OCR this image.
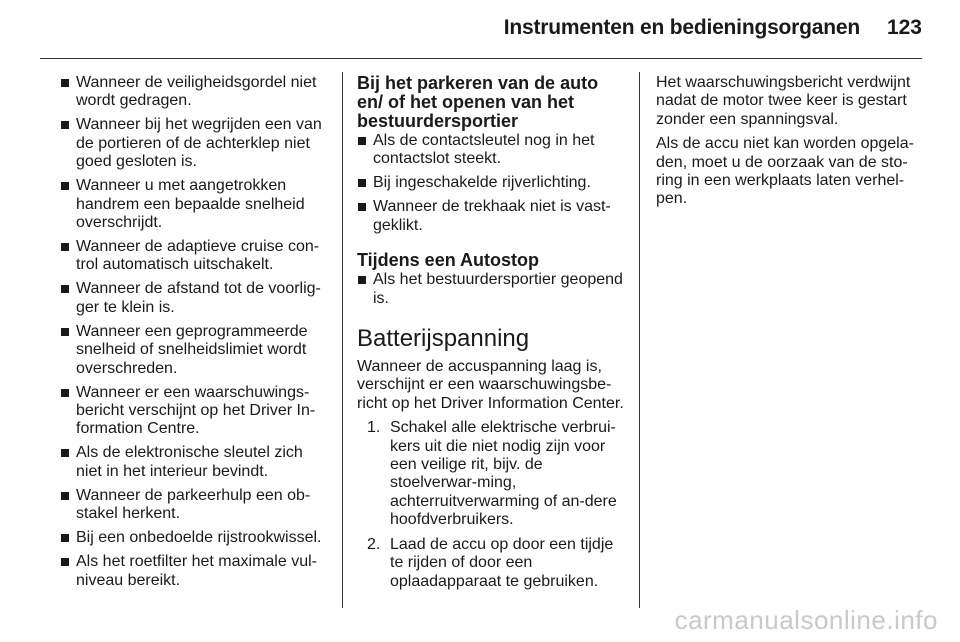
Instrumenten en bedieningsorganen 123
Wanneer de veiligheidsgordel niet wordt gedragen.
Wanneer bij het wegrijden een van de portieren of de achterklep niet goed gesloten is.
Wanneer u met aangetrokken handrem een bepaalde snelheid overschrijdt.
Wanneer de adaptieve cruise con-trol automatisch uitschakelt.
Wanneer de afstand tot de voorlig-ger te klein is.
Wanneer een geprogrammeerde snelheid of snelheidslimiet wordt overschreden.
Wanneer er een waarschuwings-bericht verschijnt op het Driver In-formation Centre.
Als de elektronische sleutel zich niet in het interieur bevindt.
Wanneer de parkeerhulp een ob-stakel herkent.
Bij een onbedoelde rijstrookwissel.
Als het roetfilter het maximale vul-niveau bereikt.
Bij het parkeren van de auto en/ of het openen van het bestuurdersportier
Als de contactsleutel nog in het contactslot steekt.
Bij ingeschakelde rijverlichting.
Wanneer de trekhaak niet is vast-geklikt.
Tijdens een Autostop
Als het bestuurdersportier geopend is.
Batterijspanning

Wanneer de accuspanning laag is, verschijnt er een waarschuwingsbe-richt op het Driver Information Center.

1. Schakel alle elektrische verbrui-kers uit die niet nodig zijn voor een veilige rit, bijv. de stoelverwar-ming, achterruitverwarming of an-dere hoofdverbruikers.
2. Laad de accu op door een tijdje te rijden of door een oplaadapparaat te gebruiken.

Het waarschuwingsbericht verdwijnt nadat de motor twee keer is gestart zonder een spanningsval.

Als de accu niet kan worden opgela-den, moet u de oorzaak van de sto-ring in een werkplaats laten verhel-pen.

carmanualsonline.info
